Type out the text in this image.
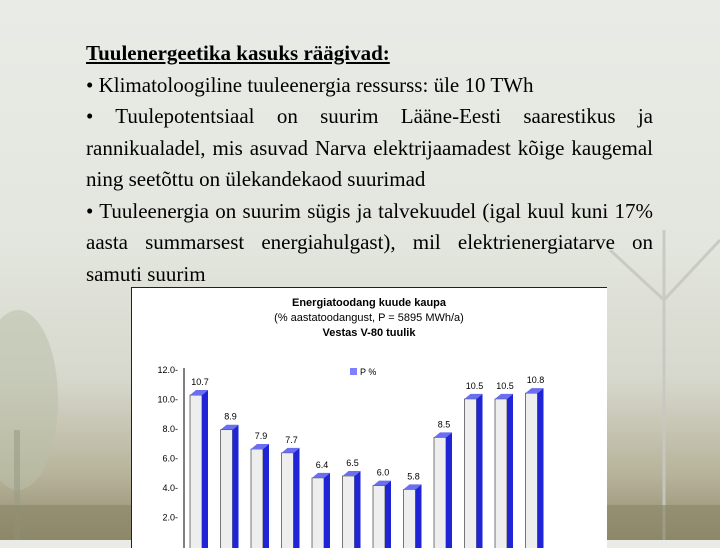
Tuulenergeetika kasuks räägivad:
• Klimatoloogiline tuuleenergia ressurss: üle 10 TWh
• Tuulepotentsiaal on suurim Lääne-Eesti saarestikus ja rannikualadel, mis asuvad Narva elektrijaamadest kõige kaugemal ning seetõttu on ülekandekaod suurimad
• Tuuleenergia on suurim sügis ja talvekuudel (igal kuul kuni 17% aasta summarsest energiahulgast), mil elektrienergiatarve on samuti suurim
Energiatoodang kuude kaupa
(% aastatoodangust, P = 5895 MWh/a)
Vestas V-80 tuulik
P %
12.0-
10.0-
8.0-
6.0-
4.0-
2.0-
10.7
8.9
7.9 7.7
6.4 6.5
6.0 5.8
8.5
10.5 10.5
10.8
